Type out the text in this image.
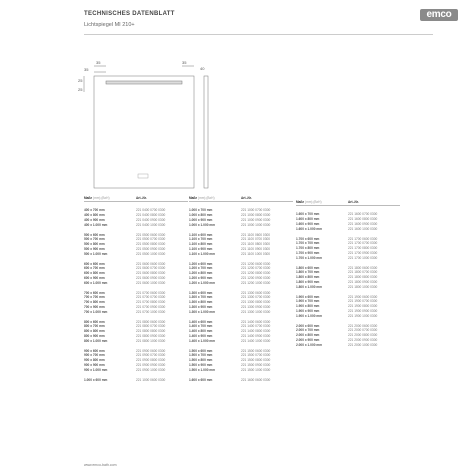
TECHNISCHES DATENBLATT
Lichtspiegel MI 210+
emco
35
35
35
25
25
40
Maße (mm) (BxH)	Art.-Nr.
400 x 700 mm	221 0400 0700 0300
400 x 800 mm	221 0400 0800 0300
400 x 900 mm	221 0400 0900 0300
400 x 1.000 mm	221 0400 1000 0300
500 x 600 mm	221 0500 0600 0300
500 x 700 mm	221 0500 0700 0300
500 x 800 mm	221 0500 0800 0300
500 x 900 mm	221 0500 0900 0300
500 x 1.000 mm	221 0500 1000 0300
600 x 600 mm	221 0600 0600 0300
600 x 700 mm	221 0600 0700 0300
600 x 800 mm	221 0600 0800 0300
600 x 900 mm	221 0600 0900 0300
600 x 1.000 mm	221 0600 1000 0300
700 x 600 mm	221 0700 0600 0300
700 x 700 mm	221 0700 0700 0300
700 x 800 mm	221 0700 0800 0300
700 x 900 mm	221 0700 0900 0300
700 x 1.000 mm	221 0700 1000 0300
800 x 600 mm	221 0800 0600 0300
800 x 700 mm	221 0800 0700 0300
800 x 800 mm	221 0800 0800 0300
800 x 900 mm	221 0800 0900 0300
800 x 1.000 mm	221 0800 1000 0300
900 x 600 mm	221 0900 0600 0300
900 x 700 mm	221 0900 0700 0300
900 x 800 mm	221 0900 0800 0300
900 x 900 mm	221 0900 0900 0300
900 x 1.000 mm	221 0900 1000 0300
1.000 x 600 mm	221 1000 0600 0300
Maße (mm) (BxH)	Art.-Nr.
1.000 x 700 mm	221 1000 0700 0300
1.000 x 800 mm	221 1000 0800 0300
1.000 x 900 mm	221 1000 0900 0300
1.000 x 1.000 mm	221 1000 1000 0300
1.100 x 600 mm	221 1100 0600 0300
1.100 x 700 mm	221 1100 0700 0300
1.100 x 800 mm	221 1100 0800 0300
1.100 x 900 mm	221 1100 0900 0300
1.100 x 1.000 mm	221 1100 1000 0300
1.200 x 600 mm	221 1200 0600 0300
1.200 x 700 mm	221 1200 0700 0300
1.200 x 800 mm	221 1200 0800 0300
1.200 x 900 mm	221 1200 0900 0300
1.200 x 1.000 mm	221 1200 1000 0300
1.300 x 600 mm	221 1300 0600 0300
1.300 x 700 mm	221 1300 0700 0300
1.300 x 800 mm	221 1300 0800 0300
1.300 x 900 mm	221 1300 0900 0300
1.300 x 1.000 mm	221 1300 1000 0300
1.400 x 600 mm	221 1400 0600 0300
1.400 x 700 mm	221 1400 0700 0300
1.400 x 800 mm	221 1400 0800 0300
1.400 x 900 mm	221 1400 0900 0300
1.400 x 1.000 mm	221 1400 1000 0300
1.500 x 600 mm	221 1500 0600 0300
1.500 x 700 mm	221 1500 0700 0300
1.500 x 800 mm	221 1500 0800 0300
1.500 x 900 mm	221 1500 0900 0300
1.500 x 1.000 mm	221 1500 1000 0300
1.600 x 600 mm	221 1600 0600 0300
Maße (mm) (BxH)	Art.-Nr.
1.600 x 700 mm	221 1600 0700 0300
1.600 x 800 mm	221 1600 0800 0300
1.600 x 900 mm	221 1600 0900 0300
1.600 x 1.000 mm	221 1600 1000 0300
1.700 x 600 mm	221 1700 0600 0300
1.700 x 700 mm	221 1700 0700 0300
1.700 x 800 mm	221 1700 0800 0300
1.700 x 900 mm	221 1700 0900 0300
1.700 x 1.000 mm	221 1700 1000 0300
1.800 x 600 mm	221 1800 0600 0300
1.800 x 700 mm	221 1800 0700 0300
1.800 x 800 mm	221 1800 0800 0300
1.800 x 900 mm	221 1800 0900 0300
1.800 x 1.000 mm	221 1800 1000 0300
1.900 x 600 mm	221 1900 0600 0300
1.900 x 700 mm	221 1900 0700 0300
1.900 x 800 mm	221 1900 0800 0300
1.900 x 900 mm	221 1900 0900 0300
1.900 x 1.000 mm	221 1900 1000 0300
2.000 x 600 mm	221 2000 0600 0300
2.000 x 700 mm	221 2000 0700 0300
2.000 x 800 mm	221 2000 0800 0300
2.000 x 900 mm	221 2000 0900 0300
2.000 x 1.000 mm	221 2000 1000 0300
www.emco-bath.com
